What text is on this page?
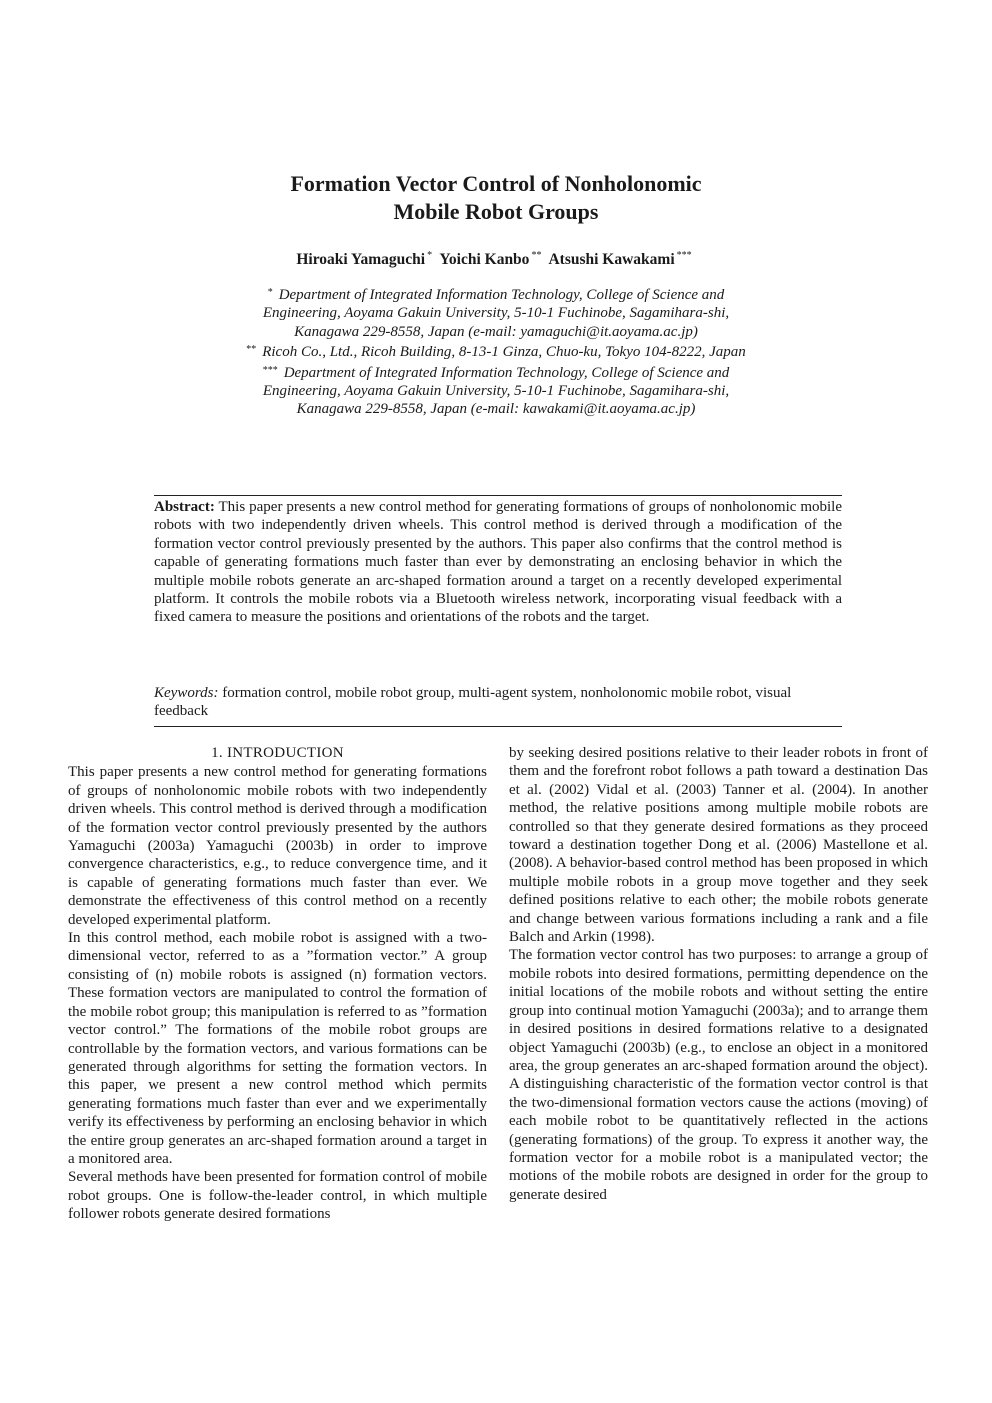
Formation Vector Control of Nonholonomic
Mobile Robot Groups
Hiroaki Yamaguchi * Yoichi Kanbo ** Atsushi Kawakami ***
* Department of Integrated Information Technology, College of Science and Engineering, Aoyama Gakuin University, 5-10-1 Fuchinobe, Sagamihara-shi, Kanagawa 229-8558, Japan (e-mail: yamaguchi@it.aoyama.ac.jp)
** Ricoh Co., Ltd., Ricoh Building, 8-13-1 Ginza, Chuo-ku, Tokyo 104-8222, Japan
*** Department of Integrated Information Technology, College of Science and Engineering, Aoyama Gakuin University, 5-10-1 Fuchinobe, Sagamihara-shi, Kanagawa 229-8558, Japan (e-mail: kawakami@it.aoyama.ac.jp)
Abstract: This paper presents a new control method for generating formations of groups of nonholonomic mobile robots with two independently driven wheels. This control method is derived through a modification of the formation vector control previously presented by the authors. This paper also confirms that the control method is capable of generating formations much faster than ever by demonstrating an enclosing behavior in which the multiple mobile robots generate an arc-shaped formation around a target on a recently developed experimental platform. It controls the mobile robots via a Bluetooth wireless network, incorporating visual feedback with a fixed camera to measure the positions and orientations of the robots and the target.
Keywords: formation control, mobile robot group, multi-agent system, nonholonomic mobile robot, visual feedback
1. INTRODUCTION

This paper presents a new control method for generating formations of groups of nonholonomic mobile robots with two independently driven wheels. This control method is derived through a modification of the formation vector control previously presented by the authors Yamaguchi (2003a) Yamaguchi (2003b) in order to improve convergence characteristics, e.g., to reduce convergence time, and it is capable of generating formations much faster than ever. We demonstrate the effectiveness of this control method on a recently developed experimental platform.

In this control method, each mobile robot is assigned with a two-dimensional vector, referred to as a ”formation vector.” A group consisting of (n) mobile robots is assigned (n) formation vectors. These formation vectors are manipulated to control the formation of the mobile robot group; this manipulation is referred to as ”formation vector control.” The formations of the mobile robot groups are controllable by the formation vectors, and various formations can be generated through algorithms for setting the formation vectors. In this paper, we present a new control method which permits generating formations much faster than ever and we experimentally verify its effectiveness by performing an enclosing behavior in which the entire group generates an arc-shaped formation around a target in a monitored area.

Several methods have been presented for formation control of mobile robot groups. One is follow-the-leader control, in which multiple follower robots generate desired formations

by seeking desired positions relative to their leader robots in front of them and the forefront robot follows a path toward a destination Das et al. (2002) Vidal et al. (2003) Tanner et al. (2004). In another method, the relative positions among multiple mobile robots are controlled so that they generate desired formations as they proceed toward a destination together Dong et al. (2006) Mastellone et al. (2008). A behavior-based control method has been proposed in which multiple mobile robots in a group move together and they seek defined positions relative to each other; the mobile robots generate and change between various formations including a rank and a file Balch and Arkin (1998).

The formation vector control has two purposes: to arrange a group of mobile robots into desired formations, permitting dependence on the initial locations of the mobile robots and without setting the entire group into continual motion Yamaguchi (2003a); and to arrange them in desired positions in desired formations relative to a designated object Yamaguchi (2003b) (e.g., to enclose an object in a monitored area, the group generates an arc-shaped formation around the object). A distinguishing characteristic of the formation vector control is that the two-dimensional formation vectors cause the actions (moving) of each mobile robot to be quantitatively reflected in the actions (generating formations) of the group. To express it another way, the formation vector for a mobile robot is a manipulated vector; the motions of the mobile robots are designed in order for the group to generate desired
